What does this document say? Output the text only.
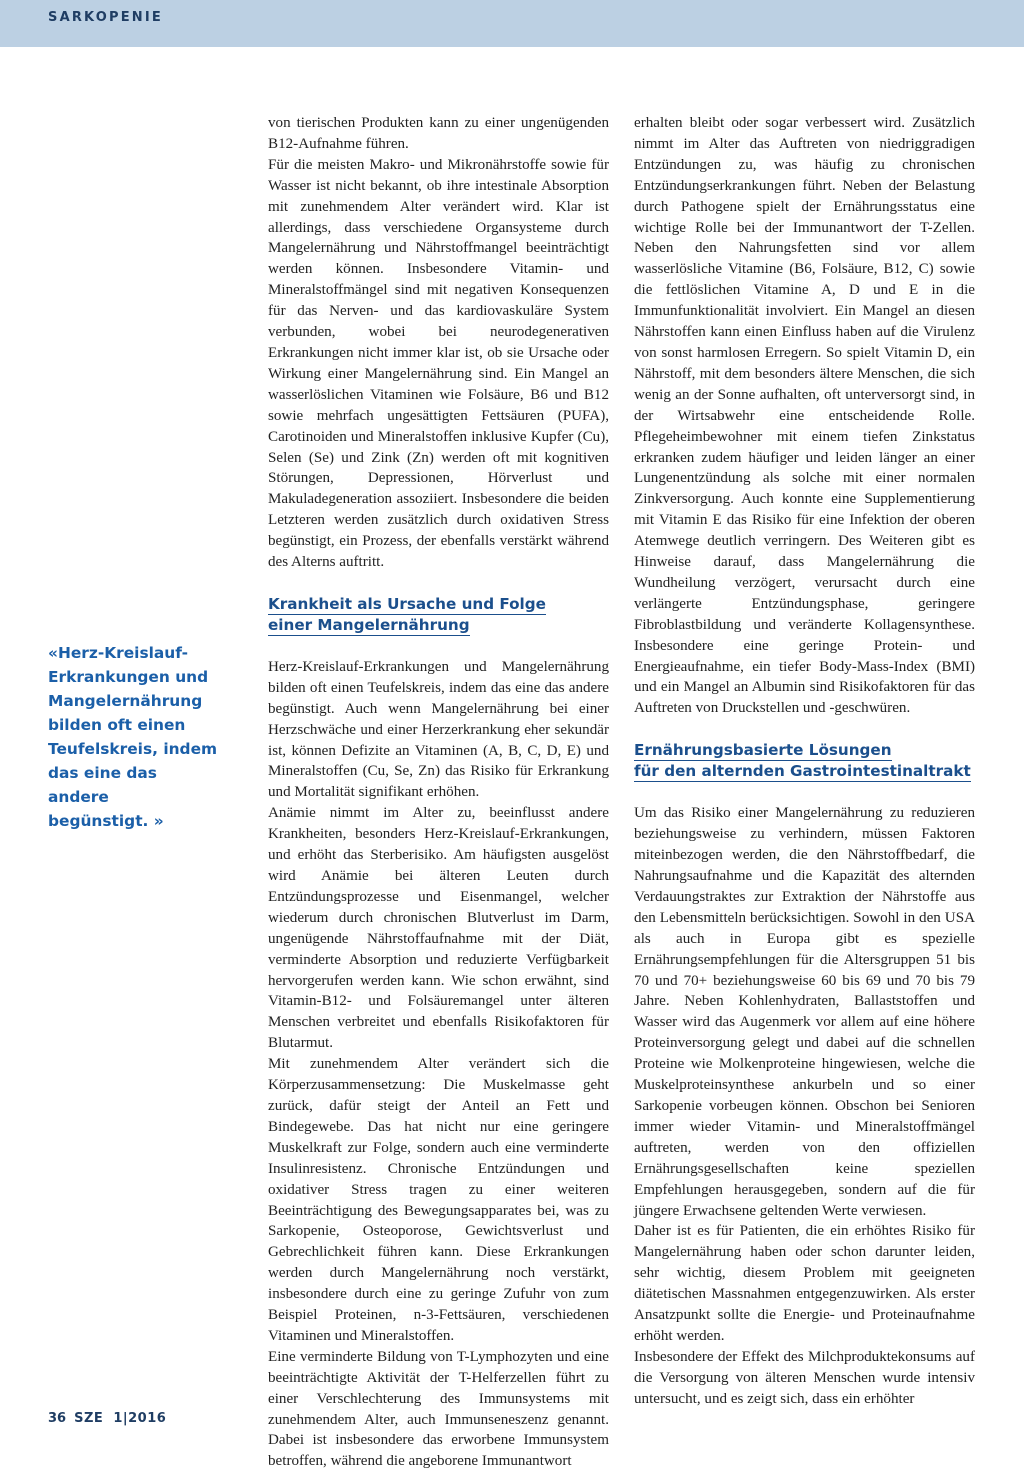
SARKOPENIE
«Herz-Kreislauf-Erkrankungen und Mangelernährung bilden oft einen Teufelskreis, indem das eine das andere begünstigt. »

von tierischen Produkten kann zu einer ungenügenden B12-Aufnahme führen.

Für die meisten Makro- und Mikronährstoffe sowie für Wasser ist nicht bekannt, ob ihre intestinale Absorption mit zunehmendem Alter verändert wird. Klar ist allerdings, dass verschiedene Organsysteme durch Mangelernährung und Nährstoffmangel beeinträchtigt werden können. Insbesondere Vitamin- und Mineralstoffmängel sind mit negativen Konsequenzen für das Nerven- und das kardiovaskuläre System verbunden, wobei bei neurodegenerativen Erkrankungen nicht immer klar ist, ob sie Ursache oder Wirkung einer Mangelernährung sind. Ein Mangel an wasserlöslichen Vitaminen wie Folsäure, B6 und B12 sowie mehrfach ungesättigten Fettsäuren (PUFA), Carotinoiden und Mineralstoffen inklusive Kupfer (Cu), Selen (Se) und Zink (Zn) werden oft mit kognitiven Störungen, Depressionen, Hörverlust und Makuladegeneration assoziiert. Insbesondere die beiden Letzteren werden zusätzlich durch oxidativen Stress begünstigt, ein Prozess, der ebenfalls verstärkt während des Alterns auftritt.

Krankheit als Ursache und Folge
einer Mangelernährung

Herz-Kreislauf-Erkrankungen und Mangelernährung bilden oft einen Teufelskreis, indem das eine das andere begünstigt. Auch wenn Mangelernährung bei einer Herzschwäche und einer Herzerkrankung eher sekundär ist, können Defizite an Vitaminen (A, B, C, D, E) und Mineralstoffen (Cu, Se, Zn) das Risiko für Erkrankung und Mortalität signifikant erhöhen.

Anämie nimmt im Alter zu, beeinflusst andere Krankheiten, besonders Herz-Kreislauf-Erkrankungen, und erhöht das Sterberisiko. Am häufigsten ausgelöst wird Anämie bei älteren Leuten durch Entzündungsprozesse und Eisenmangel, welcher wiederum durch chronischen Blutverlust im Darm, ungenügende Nährstoffaufnahme mit der Diät, verminderte Absorption und reduzierte Verfügbarkeit hervorgerufen werden kann. Wie schon erwähnt, sind Vitamin-B12- und Folsäuremangel unter älteren Menschen verbreitet und ebenfalls Risikofaktoren für Blutarmut.

Mit zunehmendem Alter verändert sich die Körperzusammensetzung: Die Muskelmasse geht zurück, dafür steigt der Anteil an Fett und Bindegewebe. Das hat nicht nur eine geringere Muskelkraft zur Folge, sondern auch eine verminderte Insulinresistenz. Chronische Entzündungen und oxidativer Stress tragen zu einer weiteren Beeinträchtigung des Bewegungsapparates bei, was zu Sarkopenie, Osteoporose, Gewichtsverlust und Gebrechlichkeit führen kann. Diese Erkrankungen werden durch Mangelernährung noch verstärkt, insbesondere durch eine zu geringe Zufuhr von zum Beispiel Proteinen, n-3-Fettsäuren, verschiedenen Vitaminen und Mineralstoffen.

Eine verminderte Bildung von T-Lymphozyten und eine beeinträchtigte Aktivität der T-Helferzellen führt zu einer Verschlechterung des Immunsystems mit zunehmendem Alter, auch Immunseneszenz genannt. Dabei ist insbesondere das erworbene Immunsystem betroffen, während die angeborene Immunantwort

erhalten bleibt oder sogar verbessert wird. Zusätzlich nimmt im Alter das Auftreten von niedriggradigen Entzündungen zu, was häufig zu chronischen Entzündungserkrankungen führt. Neben der Belastung durch Pathogene spielt der Ernährungsstatus eine wichtige Rolle bei der Immunantwort der T-Zellen. Neben den Nahrungsfetten sind vor allem wasserlösliche Vitamine (B6, Folsäure, B12, C) sowie die fettlöslichen Vitamine A, D und E in die Immunfunktionalität involviert. Ein Mangel an diesen Nährstoffen kann einen Einfluss haben auf die Virulenz von sonst harmlosen Erregern. So spielt Vitamin D, ein Nährstoff, mit dem besonders ältere Menschen, die sich wenig an der Sonne aufhalten, oft unterversorgt sind, in der Wirtsabwehr eine entscheidende Rolle. Pflegeheimbewohner mit einem tiefen Zinkstatus erkranken zudem häufiger und leiden länger an einer Lungenentzündung als solche mit einer normalen Zinkversorgung. Auch konnte eine Supplementierung mit Vitamin E das Risiko für eine Infektion der oberen Atemwege deutlich verringern. Des Weiteren gibt es Hinweise darauf, dass Mangelernährung die Wundheilung verzögert, verursacht durch eine verlängerte Entzündungsphase, geringere Fibroblastbildung und veränderte Kollagensynthese. Insbesondere eine geringe Protein- und Energieaufnahme, ein tiefer Body-Mass-Index (BMI) und ein Mangel an Albumin sind Risikofaktoren für das Auftreten von Druckstellen und -geschwüren.

Ernährungsbasierte Lösungen
für den alternden Gastrointestinaltrakt

Um das Risiko einer Mangelernährung zu reduzieren beziehungsweise zu verhindern, müssen Faktoren miteinbezogen werden, die den Nährstoffbedarf, die Nahrungsaufnahme und die Kapazität des alternden Verdauungstraktes zur Extraktion der Nährstoffe aus den Lebensmitteln berücksichtigen. Sowohl in den USA als auch in Europa gibt es spezielle Ernährungsempfehlungen für die Altersgruppen 51 bis 70 und 70+ beziehungsweise 60 bis 69 und 70 bis 79 Jahre. Neben Kohlenhydraten, Ballaststoffen und Wasser wird das Augenmerk vor allem auf eine höhere Proteinversorgung gelegt und dabei auf die schnellen Proteine wie Molkenproteine hingewiesen, welche die Muskelproteinsynthese ankurbeln und so einer Sarkopenie vorbeugen können. Obschon bei Senioren immer wieder Vitamin- und Mineralstoffmängel auftreten, werden von den offiziellen Ernährungsgesellschaften keine speziellen Empfehlungen herausgegeben, sondern auf die für jüngere Erwachsene geltenden Werte verwiesen.

Daher ist es für Patienten, die ein erhöhtes Risiko für Mangelernährung haben oder schon darunter leiden, sehr wichtig, diesem Problem mit geeigneten diätetischen Massnahmen entgegenzuwirken. Als erster Ansatzpunkt sollte die Energie- und Proteinaufnahme erhöht werden.

Insbesondere der Effekt des Milchproduktekonsums auf die Versorgung von älteren Menschen wurde intensiv untersucht, und es zeigt sich, dass ein erhöhter

36 SZE 1|2016
